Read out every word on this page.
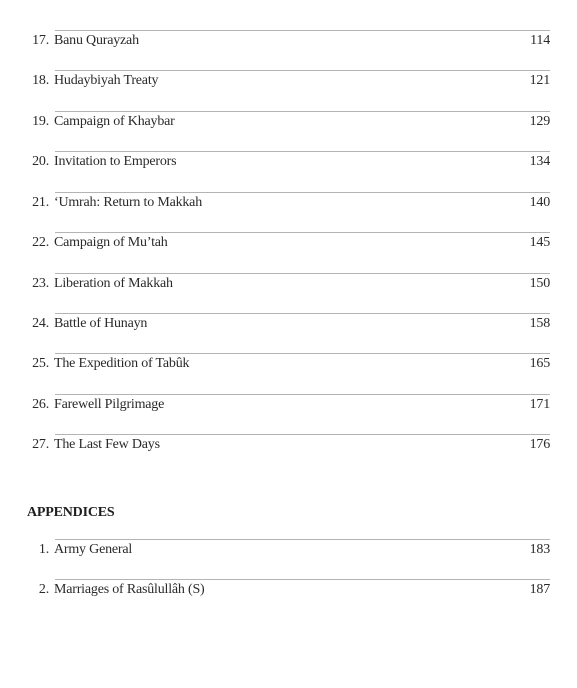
17. Banu Qurayzah	114
18. Hudaybiyah Treaty	121
19. Campaign of Khaybar	129
20. Invitation to Emperors	134
21. ‘Umrah: Return to Makkah	140
22. Campaign of Mu’tah	145
23. Liberation of Makkah	150
24. Battle of Hunayn	158
25. The Expedition of Tabûk	165
26. Farewell Pilgrimage	171
27. The Last Few Days	176
APPENDICES
1. Army General	183
2. Marriages of Rasûlullâh (S)	187
